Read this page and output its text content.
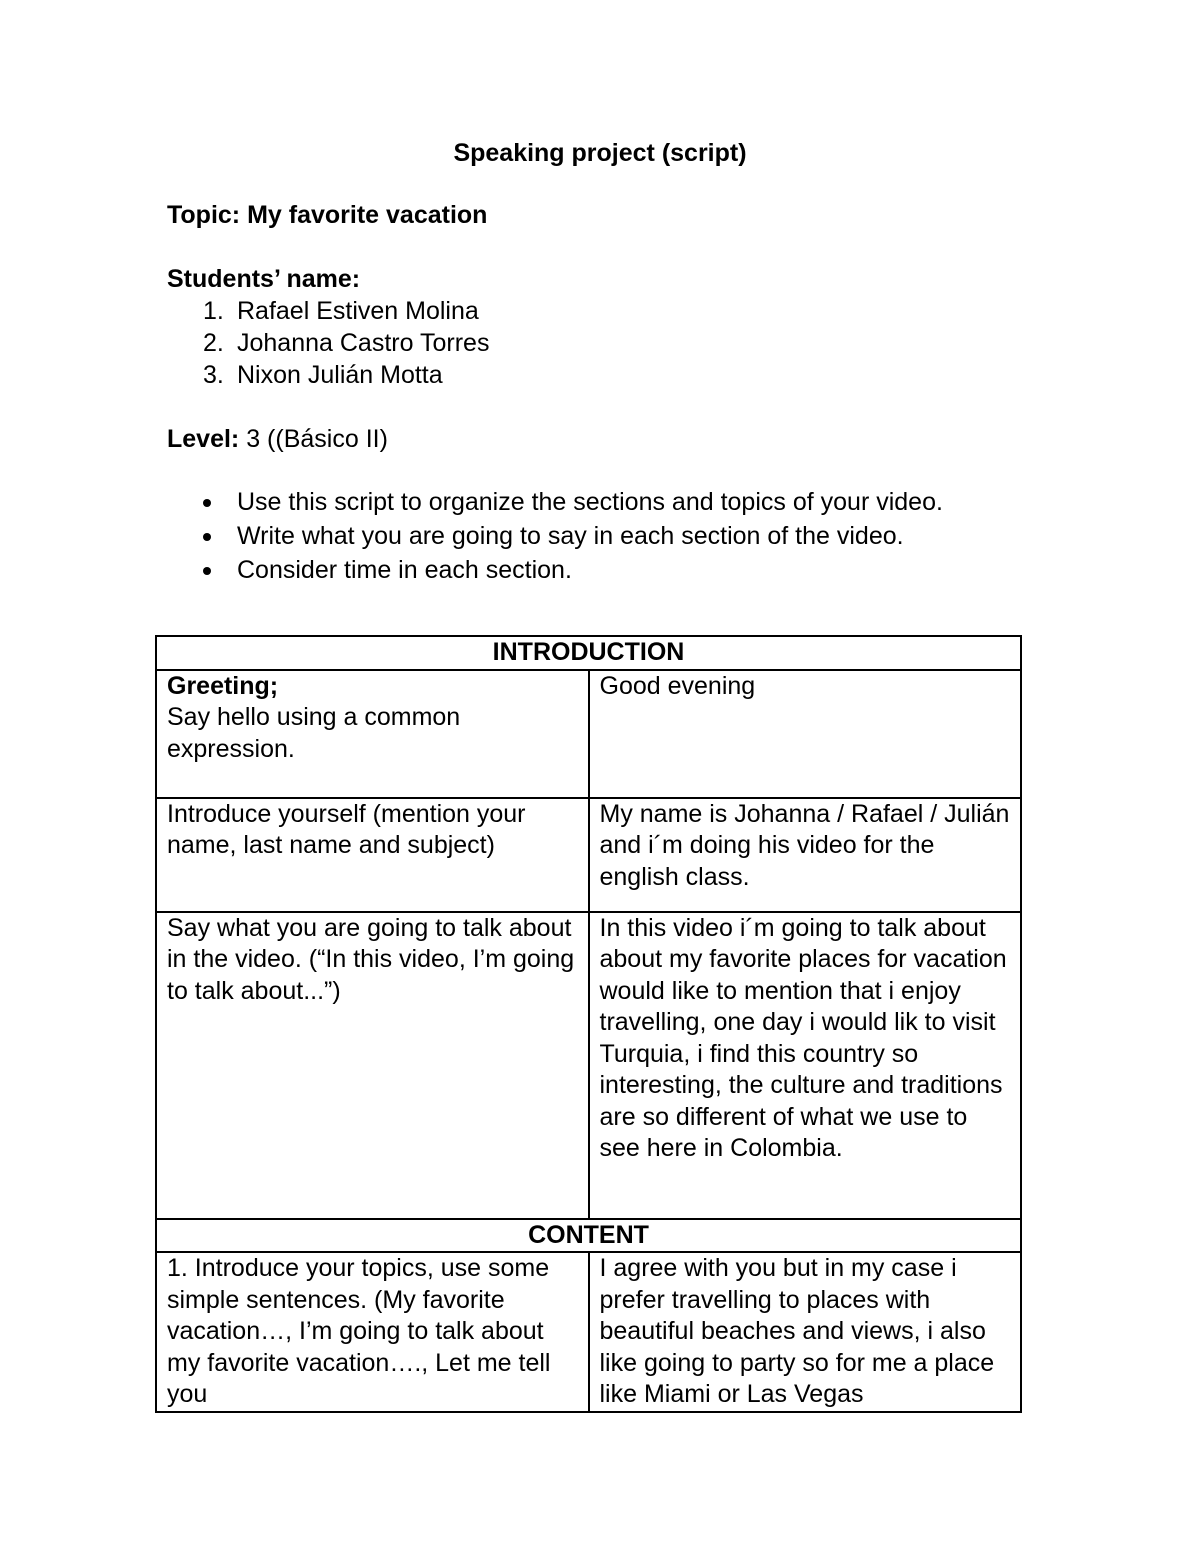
Speaking project (script)
Topic: My favorite vacation
Students’ name:
1. Rafael Estiven Molina
2. Johanna Castro Torres
3. Nixon Julián Motta
Level: 3 ((Básico II)
Use this script to organize the sections and topics of your video.
Write what you are going to say in each section of the video.
Consider time in each section.
INTRODUCTION	

Greeting;
Say hello using a common expression.	Good evening
Introduce yourself (mention your name, last name and subject)	My name is Johanna / Rafael / Julián and i´m doing his video for the english class.
Say what you are going to talk about in the video. (“In this video, I’m going to talk about...”)	In this video i´m going to talk about about my favorite places for vacation would like to mention that i enjoy travelling, one day i would lik to visit Turquia, i find this country so interesting, the culture and traditions are so different of what we use to see here in Colombia.
CONTENT	

1. Introduce your topics, use some simple sentences. (My favorite vacation…, I’m going to talk about my favorite vacation…., Let me tell you	I agree with you but in my case i prefer travelling to places with beautiful beaches and views, i also like going to party so for me a place like Miami or Las Vegas
